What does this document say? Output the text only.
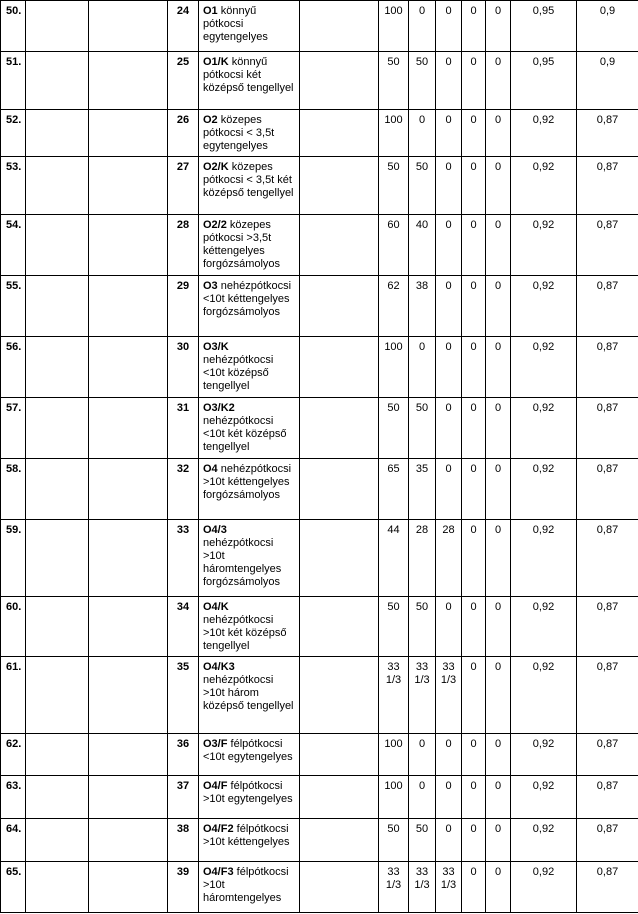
50.			24	O1 könnyű pótkocsi egytengelyes		100	0	0	0	0	0,95	0,9
51.			25	O1/K könnyű pótkocsi két középső tengellyel		50	50	0	0	0	0,95	0,9
52.			26	O2 közepes pótkocsi < 3,5t egytengelyes		100	0	0	0	0	0,92	0,87
53.			27	O2/K közepes pótkocsi < 3,5t két középső tengellyel		50	50	0	0	0	0,92	0,87
54.			28	O2/2 közepes pótkocsi >3,5t kéttengelyes forgózsámolyos		60	40	0	0	0	0,92	0,87
55.			29	O3 nehézpótkocsi <10t kéttengelyes forgózsámolyos		62	38	0	0	0	0,92	0,87
56.			30	O3/K nehézpótkocsi <10t középső tengellyel		100	0	0	0	0	0,92	0,87
57.			31	O3/K2 nehézpótkocsi <10t két középső tengellyel		50	50	0	0	0	0,92	0,87
58.			32	O4 nehézpótkocsi >10t kéttengelyes forgózsámolyos		65	35	0	0	0	0,92	0,87
59.			33	O4/3 nehézpótkocsi >10t háromtengelyes forgózsámolyos		44	28	28	0	0	0,92	0,87
60.			34	O4/K nehézpótkocsi >10t két középső tengellyel		50	50	0	0	0	0,92	0,87
61.			35	O4/K3 nehézpótkocsi >10t három középső tengellyel		33 1/3	33 1/3	33 1/3	0	0	0,92	0,87
62.			36	O3/F félpótkocsi <10t egytengelyes		100	0	0	0	0	0,92	0,87
63.			37	O4/F félpótkocsi >10t egytengelyes		100	0	0	0	0	0,92	0,87
64.			38	O4/F2 félpótkocsi >10t kéttengelyes		50	50	0	0	0	0,92	0,87
65.			39	O4/F3 félpótkocsi >10t háromtengelyes		33 1/3	33 1/3	33 1/3	0	0	0,92	0,87
